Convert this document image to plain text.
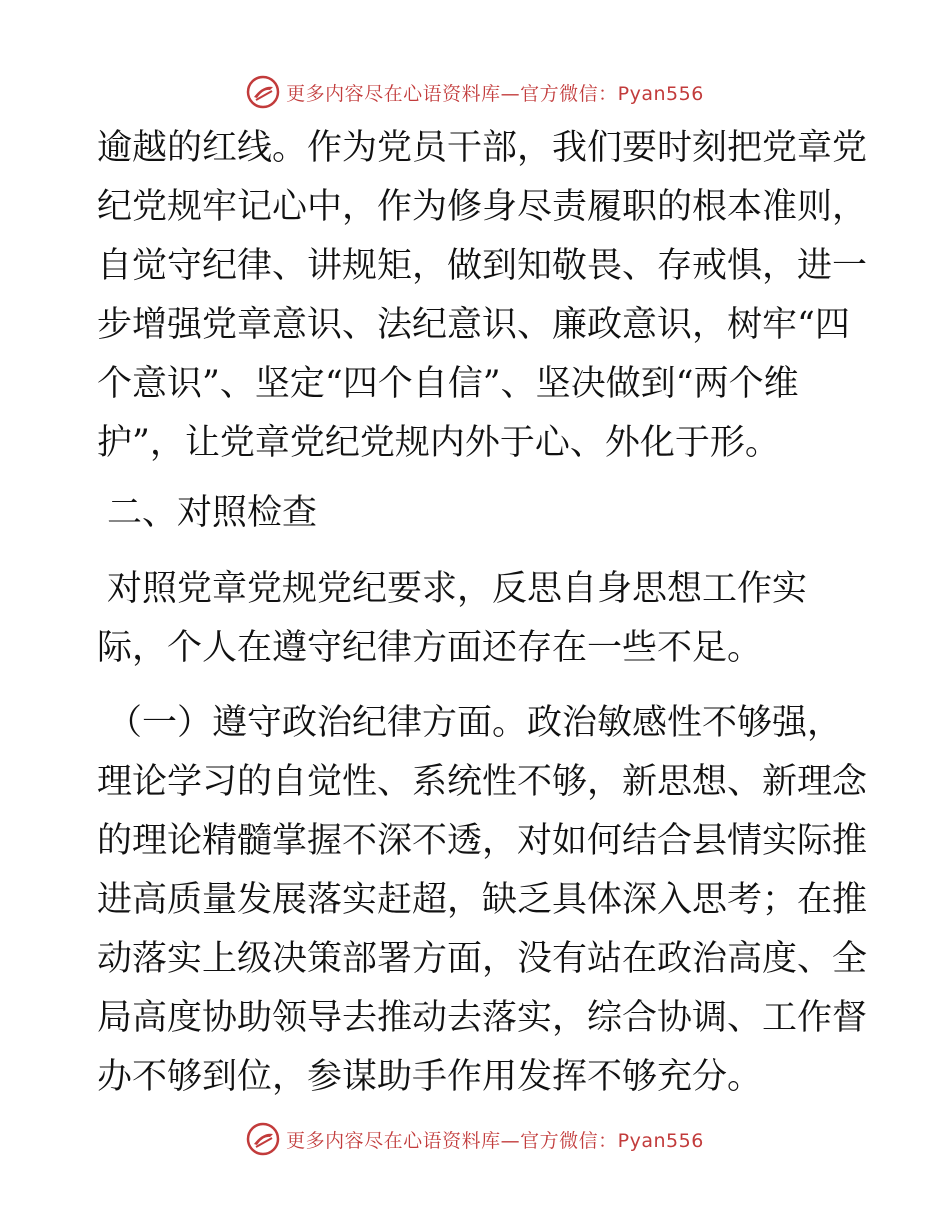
更多内容尽在心语资料库—官方微信：Pyan556
逾越的红线。作为党员干部，我们要时刻把党章党
纪党规牢记心中，作为修身尽责履职的根本准则，
自觉守纪律、讲规矩，做到知敬畏、存戒惧，进一
步增强党章意识、法纪意识、廉政意识，树牢“四
个意识”、坚定“四个自信”、坚决做到“两个维
护”，让党章党纪党规内外于心、外化于形。
二、对照检查
对照党章党规党纪要求，反思自身思想工作实
际，个人在遵守纪律方面还存在一些不足。
（一）遵守政治纪律方面。政治敏感性不够强，
理论学习的自觉性、系统性不够，新思想、新理念
的理论精髓掌握不深不透，对如何结合县情实际推
进高质量发展落实赶超，缺乏具体深入思考；在推
动落实上级决策部署方面，没有站在政治高度、全
局高度协助领导去推动去落实，综合协调、工作督
办不够到位，参谋助手作用发挥不够充分。
更多内容尽在心语资料库—官方微信：Pyan556
